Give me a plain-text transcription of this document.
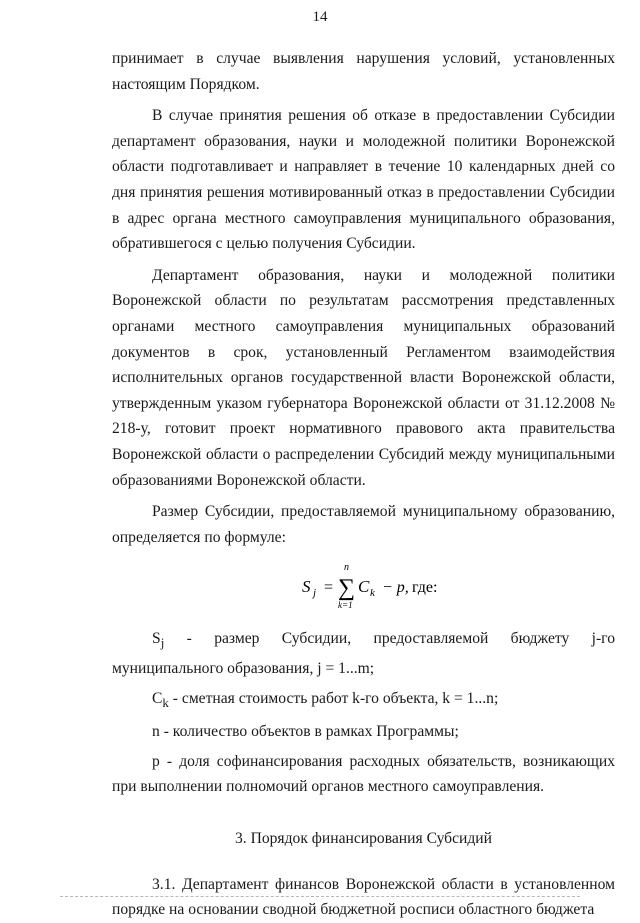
14

принимает в случае выявления нарушения условий, установленных настоящим Порядком.

В случае принятия решения об отказе в предоставлении Субсидии департамент образования, науки и молодежной политики Воронежской области подготавливает и направляет в течение 10 календарных дней со дня принятия решения мотивированный отказ в предоставлении Субсидии в адрес органа местного самоуправления муниципального образования, обратившегося с целью получения Субсидии.

Департамент образования, науки и молодежной политики Воронежской области по результатам рассмотрения представленных органами местного самоуправления муниципальных образований документов в срок, установленный Регламентом взаимодействия исполнительных органов государственной власти Воронежской области, утвержденным указом губернатора Воронежской области от 31.12.2008 № 218-у, готовит проект нормативного правового акта правительства Воронежской области о распределении Субсидий между муниципальными образованиями Воронежской области.

Размер Субсидии, предоставляемой муниципальному образованию, определяется по формуле:

S j =
n
∑
k=1
C k − p, где:

$S_j$ - размер Субсидии, предоставляемой бюджету j-го муниципального образования, j = 1...m;

$C_k$ - сметная стоимость работ k-го объекта, k = 1...n;

n - количество объектов в рамках Программы;

p - доля софинансирования расходных обязательств, возникающих при выполнении полномочий органов местного самоуправления.

3. Порядок финансирования Субсидий

3.1. Департамент финансов Воронежской области в установленном порядке на основании сводной бюджетной росписи областного бюджета
